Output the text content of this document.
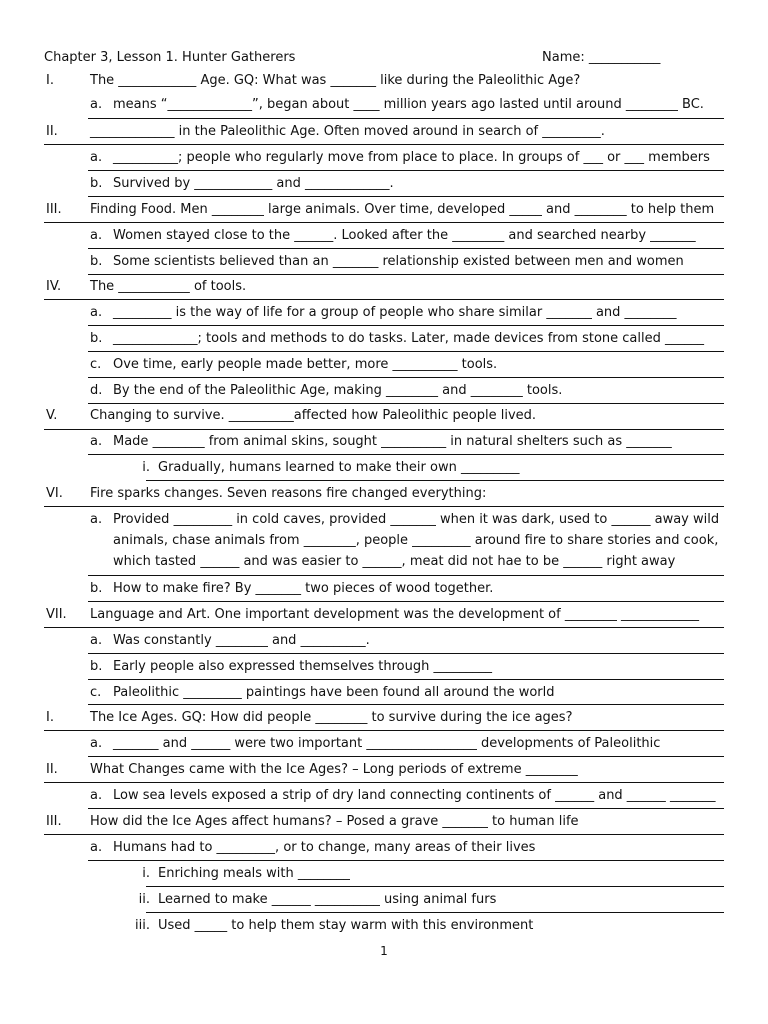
Chapter 3, Lesson 1. Hunter Gatherers	Name: ___________
I.	The ____________ Age. GQ: What was _______ like during the Paleolithic Age?
a. means “_____________”, began about ____ million years ago lasted until around ________ BC.
II. _____________ in the Paleolithic Age. Often moved around in search of _________.
a. __________; people who regularly move from place to place. In groups of ___ or ___ members
b. Survived by ____________ and _____________.
III. Finding Food. Men ________ large animals. Over time, developed _____ and ________ to help them
a. Women stayed close to the ______. Looked after the ________ and searched nearby _______
b. Some scientists believed than an _______ relationship existed between men and women
IV. The ___________ of tools.
a. _________ is the way of life for a group of people who share similar _______ and ________
b. _____________; tools and methods to do tasks. Later, made devices from stone called ______
c. Ove time, early people made better, more __________ tools.
d. By the end of the Paleolithic Age, making ________ and ________ tools.
V.	Changing to survive. __________affected how Paleolithic people lived.
a. Made ________ from animal skins, sought __________ in natural shelters such as _______
i. Gradually, humans learned to make their own _________
VI. Fire sparks changes. Seven reasons fire changed everything:
a. Provided _________ in cold caves, provided _______ when it was dark, used to ______ away wild animals, chase animals from ________, people _________ around fire to share stories and cook, which tasted ______ and was easier to ______, meat did not hae to be ______ right away
b. How to make fire? By _______ two pieces of wood together.
VII. Language and Art. One important development was the development of ________ ____________
a. Was constantly ________ and __________.
b. Early people also expressed themselves through _________
c. Paleolithic _________ paintings have been found all around the world
I.	The Ice Ages. GQ: How did people ________ to survive during the ice ages?
a. _______ and ______ were two important _________________ developments of Paleolithic
II. What Changes came with the Ice Ages? – Long periods of extreme ________
a. Low sea levels exposed a strip of dry land connecting continents of ______ and ______ _______
III. How did the Ice Ages affect humans? – Posed a grave _______ to human life
a. Humans had to _________, or to change, many areas of their lives
i. Enriching meals with ________
ii. Learned to make ______ __________ using animal furs
iii. Used _____ to help them stay warm with this environment
1
